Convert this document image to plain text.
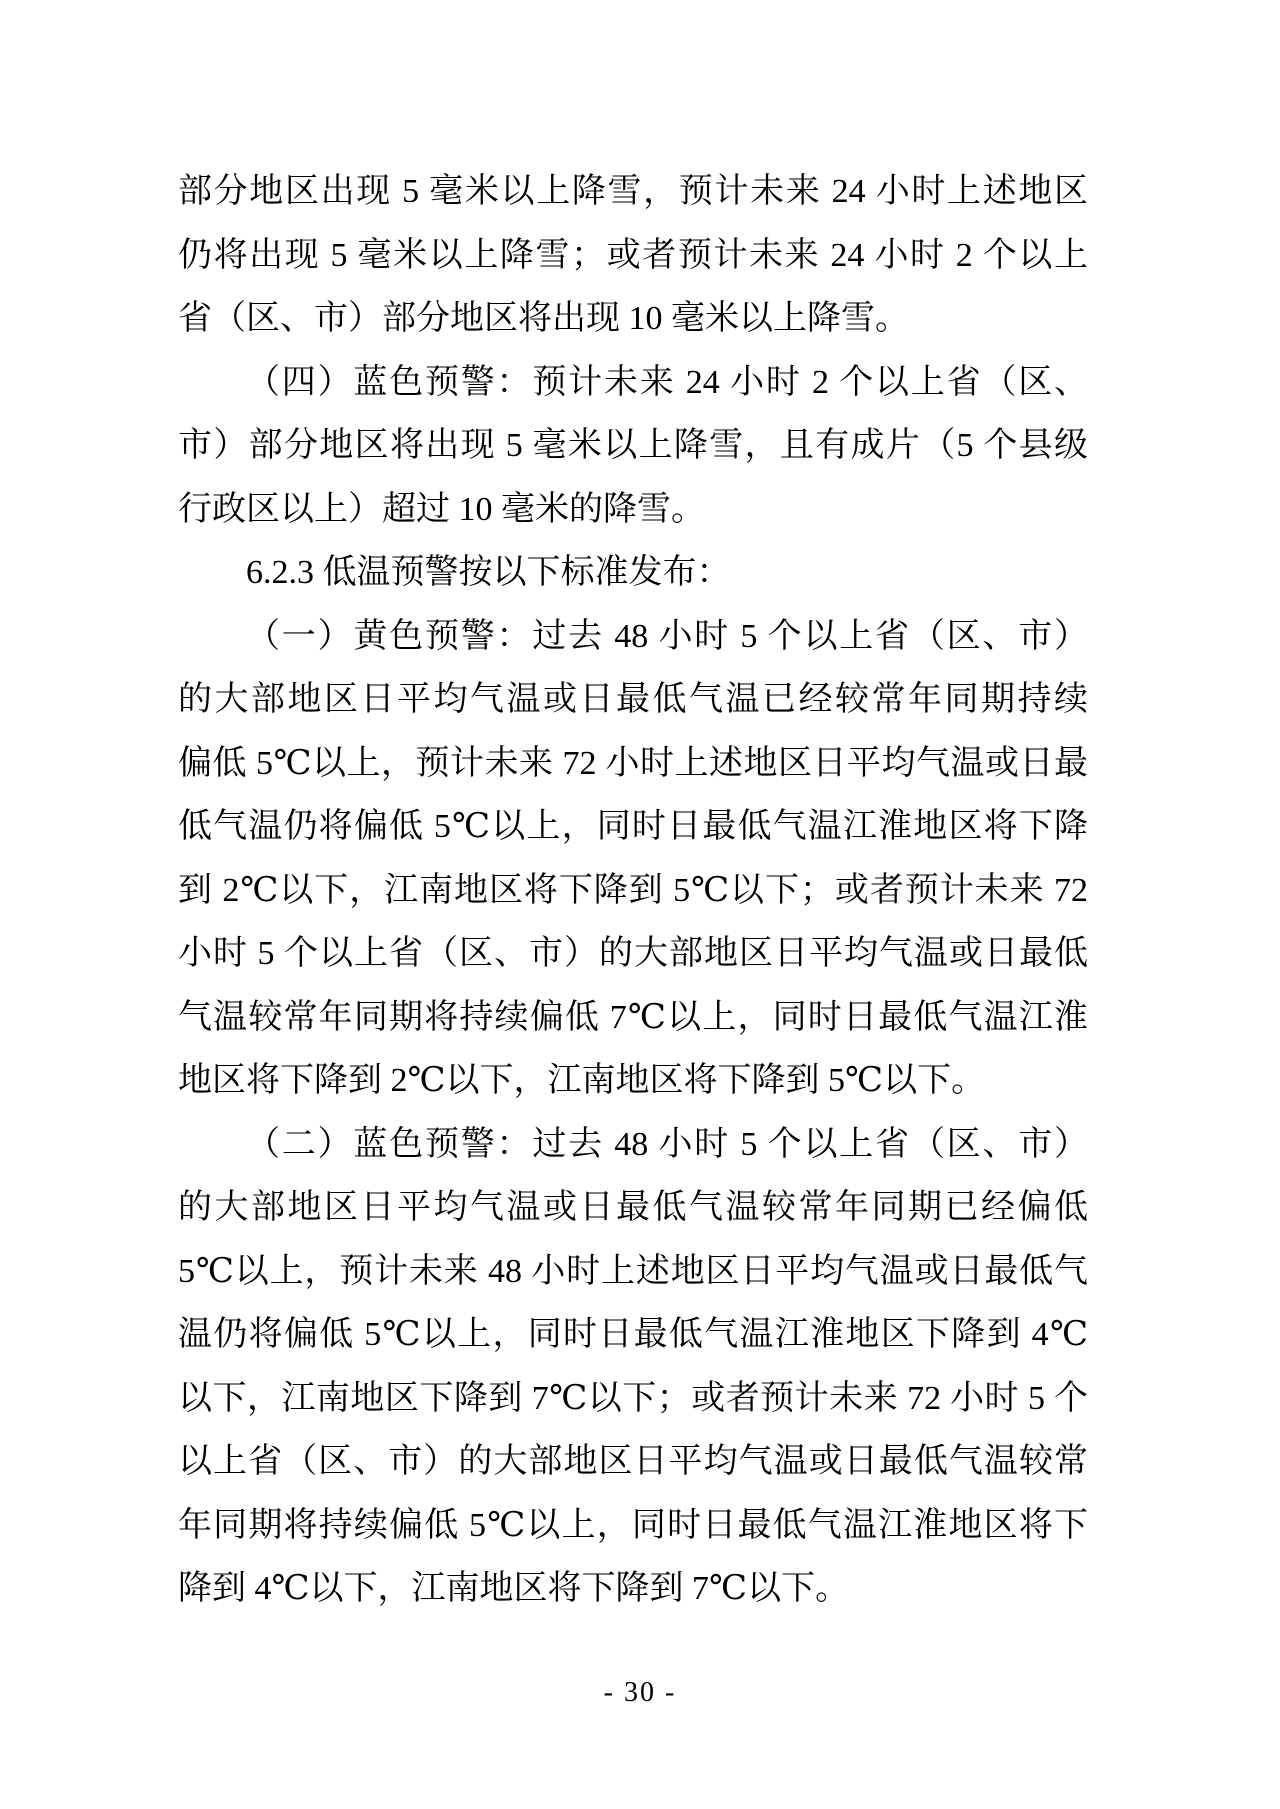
部分地区出现 5 毫米以上降雪，预计未来 24 小时上述地区
仍将出现 5 毫米以上降雪；或者预计未来 24 小时 2 个以上
省（区、市）部分地区将出现 10 毫米以上降雪。
（四）蓝色预警：预计未来 24 小时 2 个以上省（区、
市）部分地区将出现 5 毫米以上降雪，且有成片（5 个县级
行政区以上）超过 10 毫米的降雪。
6.2.3 低温预警按以下标准发布：
（一）黄色预警：过去 48 小时 5 个以上省（区、市）
的大部地区日平均气温或日最低气温已经较常年同期持续
偏低 5℃以上，预计未来 72 小时上述地区日平均气温或日最
低气温仍将偏低 5℃以上，同时日最低气温江淮地区将下降
到 2℃以下，江南地区将下降到 5℃以下；或者预计未来 72
小时 5 个以上省（区、市）的大部地区日平均气温或日最低
气温较常年同期将持续偏低 7℃以上，同时日最低气温江淮
地区将下降到 2℃以下，江南地区将下降到 5℃以下。
（二）蓝色预警：过去 48 小时 5 个以上省（区、市）
的大部地区日平均气温或日最低气温较常年同期已经偏低
5℃以上，预计未来 48 小时上述地区日平均气温或日最低气
温仍将偏低 5℃以上，同时日最低气温江淮地区下降到 4℃
以下，江南地区下降到 7℃以下；或者预计未来 72 小时 5 个
以上省（区、市）的大部地区日平均气温或日最低气温较常
年同期将持续偏低 5℃以上，同时日最低气温江淮地区将下
降到 4℃以下，江南地区将下降到 7℃以下。
- 30 -
